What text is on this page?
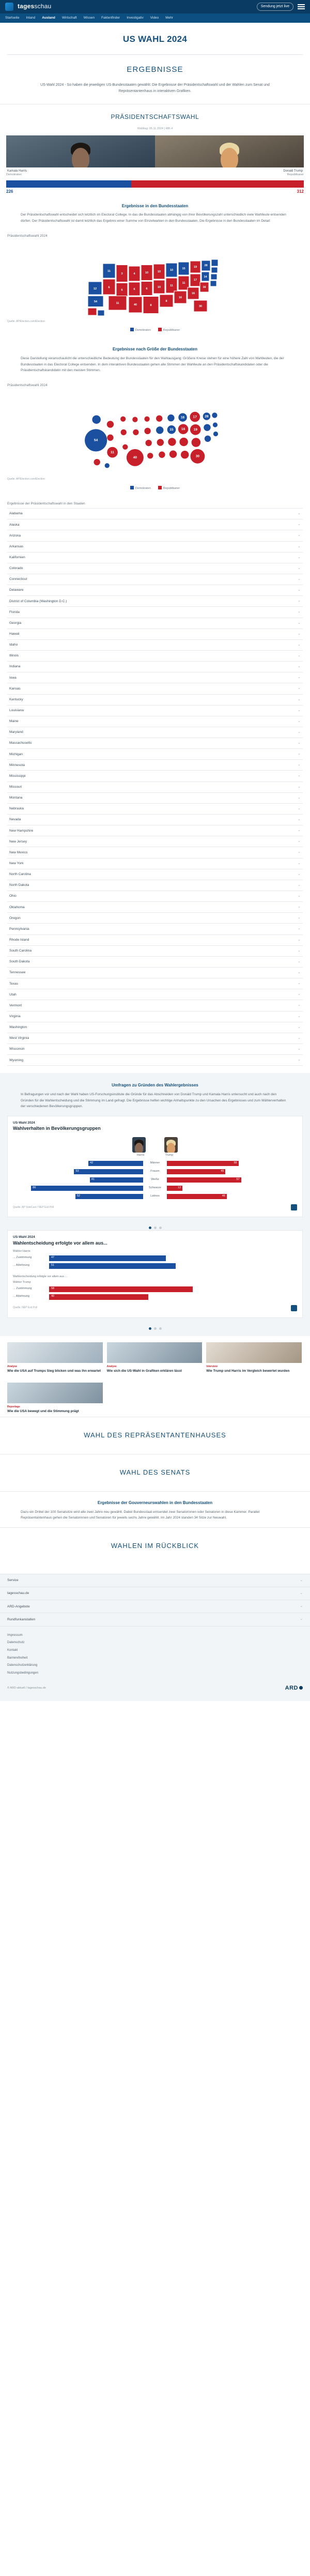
tagesschau	Sendung jetzt live
Startseite Inland Ausland Wirtschaft Wissen Faktenfinder Investigativ Video Mehr
US WAHL 2024
ERGEBNISSE
US-Wahl 2024 - So haben die jeweiligen US-Bundesstaaten gewählt: Die Ergebnisse der Präsidentschaftswahl und der Wahlen zum Senat und Repräsentantenhaus in interaktiven Grafiken.
PRÄSIDENTSCHAFTSWAHL
Wahltag: 05.11.2024 | 48h 4
Kamala Harris
Demokraten
Donald Trump
Republikaner
226	312
Ergebnisse in den Bundesstaaten
Der Präsidentschaftswahl entscheidet sich letztlich im Electoral College. In das die Bundesstaaten abhängig von ihrer Bevölkerungszahl unterschiedlich viele Wahlleute entsenden dürfen. Der Präsidentschaftswahl ist damit letztlich das Ergebnis einer Summe von Einzelwahlen in den Bundesstaaten. Die Ergebnisse in den Bundesstaaten im Detail:
Präsidentschaftswahl 2024
54
12 6
11
3
6
11
4
6
40
10
6
8
10
10
8
10
11
15
11
16
19
17
16
28
14
16
30
Quelle: AP/Election.com/Election
Demokraten	Republikaner
Ergebnisse nach Größe der Bundesstaaten
Diese Darstellung veranschaulicht die unterschiedliche Bedeutung der Bundesstaaten für den Wahlausgang: Größere Kreise stehen für eine höhere Zahl von Wahlleuten, die der Bundesstaaten in das Electoral College entsenden. In dem interaktiven Bundesstaaten gehen alle Stimmen der Wahlleute an den Präsidentschaftskandidaten oder die Präsidentschaftskandidatin mit den meisten Stimmen.
Präsidentschaftswahl 2024
54
40	30
11
28
19
17
16
15
16
Quelle: AP/Election.com/Election
Demokraten	Republikaner
Ergebnisse der Präsidentschaftswahl in den Staaten
Alabama	⌄
Alaska	⌄
Arizona	⌄
Arkansas	⌄
Kalifornien	⌄
Colorado	⌄
Connecticut	⌄
Delaware	⌄
District of Columbia (Washington D.C.)	⌄
Florida	⌄
Georgia	⌄
Hawaii	⌄
Idaho	⌄
Illinois	⌄
Indiana	⌄
Iowa	⌄
Kansas	⌄
Kentucky	⌄
Louisiana	⌄
Maine	⌄
Maryland	⌄
Massachusetts	⌄
Michigan	⌄
Minnesota	⌄
Mississippi	⌄
Missouri	⌄
Montana	⌄
Nebraska	⌄
Nevada	⌄
New Hampshire	⌄
New Jersey	⌄
New Mexico	⌄
New York	⌄
North Carolina	⌄
North Dakota	⌄
Ohio	⌄
Oklahoma	⌄
Oregon	⌄
Pennsylvania	⌄
Rhode Island	⌄
South Carolina	⌄
South Dakota	⌄
Tennessee	⌄
Texas	⌄
Utah	⌄
Vermont	⌄
Virginia	⌄
Washington	⌄
West Virginia	⌄
Wisconsin	⌄
Wyoming	⌄
Umfragen zu Gründen des Wahlergebnisses
In Befragungen vor und nach der Wahl haben US-Forschungsinstitute die Gründe für das Abschneiden von Donald Trump und Kamala Harris untersucht und auch nach den Gründen für die Wahlentscheidung und die Stimmung im Land gefragt. Die Ergebnisse helfen wichtige Anhaltspunkte zu den Ursachen des Ergebnisses und zum Wählerverhalten der verschiedenen Bevölkerungsgruppen.
US-Wahl 2024
Wahlverhalten in Bevölkerungsgruppen
Harris	Trump
42	Männer	55
53	Frauen	45
41	Weiße	57
86	Schwarze	12
52	Latinos	46
Quelle: AP VoteCast / NEP Exit Poll
US-Wahl 2024
Wahlentscheidung erfolgte vor allem aus...
Wähler Harris
... Zustimmung	47
... Ablehnung	51
Wahlentscheidung erfolgte vor allem aus ...
Wähler Trump
... Zustimmung	58
... Ablehnung	40
Quelle: NEP Exit Poll
Analyse
Wie die USA auf Trumps Sieg blicken und was ihn erwartet
Analyse
Wie sich die US-Wahl in Grafiken erklären lässt
Interview
Wie Trump und Harris im Vergleich bewertet wurden
Reportage
Wie die USA bewegt und die Stimmung prägt
WAHL DES REPRÄSENTANTENHAUSES
WAHL DES SENATS
Ergebnisse der Gouverneurswahlen in den Bundesstaaten
Dazu ein Drittel der 100 Senatsitze wird alle zwei Jahre neu gewählt. Dabei Bundesstaat entsendet zwei Senatorinnen oder Senatoren in diese Kammer. Parallel Repräsentantenhaus gehen die Senatorinnen und Senatoren für jeweils sechs Jahre gewählt. Im Jahr 2024 standen 34 Sitze zur Neuwahl.
WAHLEN IM RÜCKBLICK
Service	⌄
tagesschau.de	⌄
ARD-Angebote	⌄
Rundfunkanstalten	⌄
Impressum
Datenschutz
Kontakt
Barrierefreiheit
Datenschutzerklärung
Nutzungsbedingungen
© ARD-aktuell / tagesschau.de	ARD
